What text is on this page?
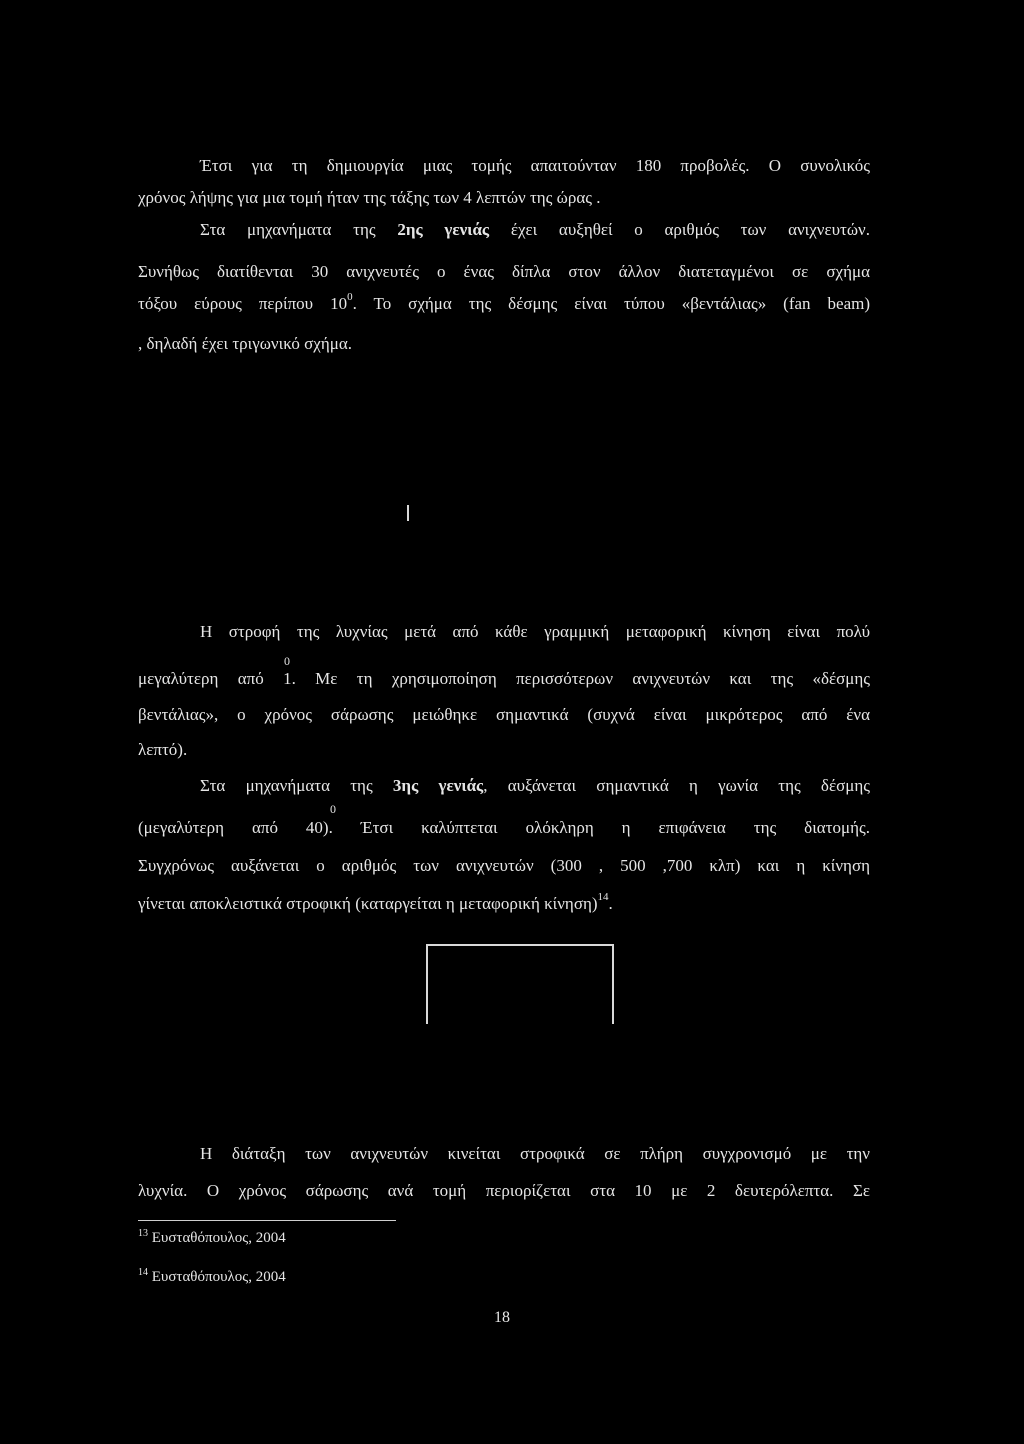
Έτσι για τη δημιουργία μιας τομής απαιτούνταν 180 προβολές. Ο συνολικός
χρόνος λήψης για μια τομή ήταν της τάξης των 4 λεπτών της ώρας .
Στα μηχανήματα της 2ης γενιάς έχει αυξηθεί ο αριθμός των ανιχνευτών.
Συνήθως διατίθενται 30 ανιχνευτές ο ένας δίπλα στον άλλον διατεταγμένοι σε σχήμα
τόξου εύρους περίπου $10^0$. Το σχήμα της δέσμης είναι τύπου «βεντάλιας» (fan beam)
, δηλαδή έχει τριγωνικό σχήμα.
Η στροφή της λυχνίας μετά από κάθε γραμμική μεταφορική κίνηση είναι πολύ
0
μεγαλύτερη από 1. Με τη χρησιμοποίηση περισσότερων ανιχνευτών και της «δέσμης
βεντάλιας», ο χρόνος σάρωσης μειώθηκε σημαντικά (συχνά είναι μικρότερος από ένα
λεπτό).
Στα μηχανήματα της 3ης γενιάς, αυξάνεται σημαντικά η γωνία της δέσμης
0
(μεγαλύτερη από 40). Έτσι καλύπτεται ολόκληρη η επιφάνεια της διατομής.
Συγχρόνως αυξάνεται ο αριθμός των ανιχνευτών (300 , 500 ,700 κλπ) και η κίνηση
γίνεται αποκλειστικά στροφική (καταργείται η μεταφορική κίνηση)$^{14}$.
Η διάταξη των ανιχνευτών κινείται στροφικά σε πλήρη συγχρονισμό με την
λυχνία. Ο χρόνος σάρωσης ανά τομή περιορίζεται στα 10 με 2 δευτερόλεπτα. Σε
$^{13}$ Ευσταθόπουλος, 2004
$^{14}$ Ευσταθόπουλος, 2004
18
